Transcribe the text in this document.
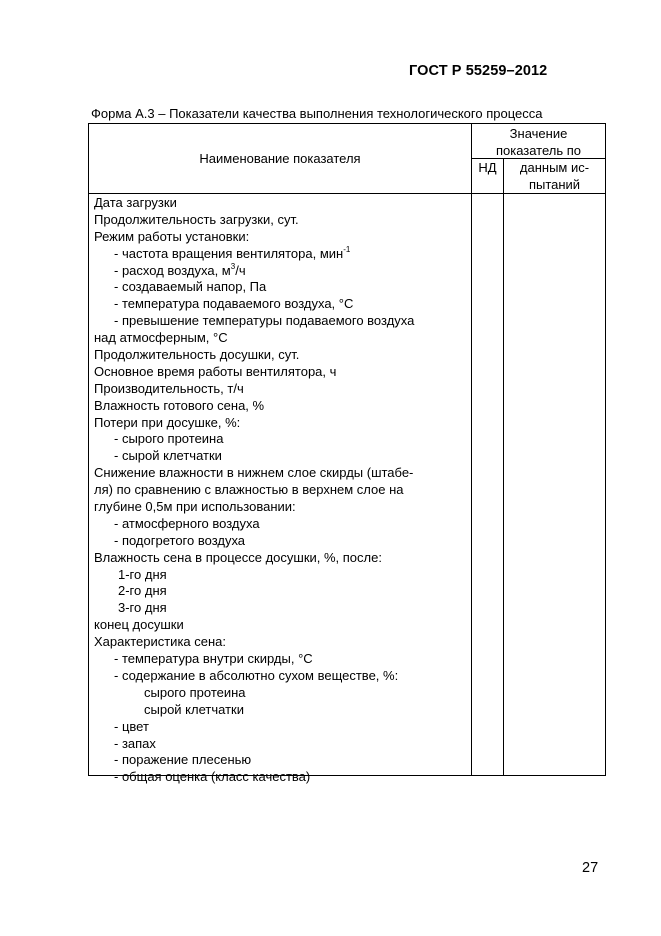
ГОСТ Р 55259–2012
Форма А.3 – Показатели качества выполнения технологического процесса
Наименование показателя
Значение
показатель по
НД	данным ис-
пытаний
Дата загрузки
Продолжительность загрузки, сут.
Режим работы установки:
- частота вращения вентилятора, мин$^{-1}$
- расход воздуха, $м^3/ч$
- создаваемый напор, Па
- температура подаваемого воздуха, °С
- превышение температуры подаваемого воздуха
над атмосферным, °С
Продолжительность досушки, сут.
Основное время работы вентилятора, ч
Производительность, т/ч
Влажность готового сена, %
Потери при досушке, %:
- сырого протеина
- сырой клетчатки
Снижение влажности в нижнем слое скирды (штабе-
ля) по сравнению с влажностью в верхнем слое на
глубине 0,5м при использовании:
- атмосферного воздуха
- подогретого воздуха
Влажность сена в процессе досушки, %, после:
1-го дня
2-го дня
3-го дня
конец досушки
Характеристика сена:
- температура внутри скирды, °С
- содержание в абсолютно сухом веществе, %:
сырого протеина
сырой клетчатки
- цвет
- запах
- поражение плесенью
- общая оценка (класс качества)
27
